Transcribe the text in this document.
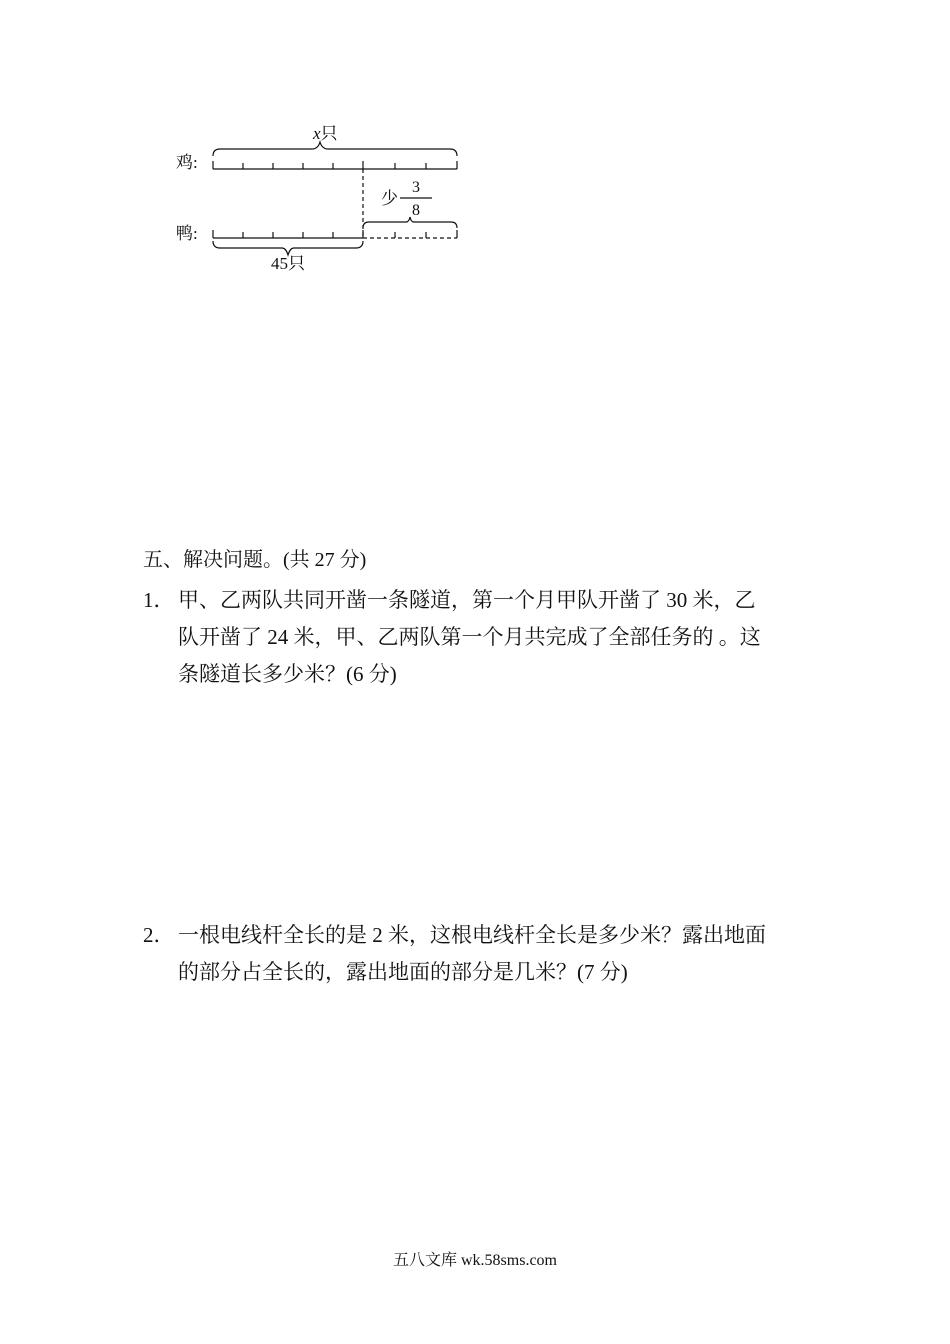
鸡:
鸭:
x只
少
3
8
45只
五、解决问题。(共 27 分)
1． 甲、乙两队共同开凿一条隧道，第一个月甲队开凿了 30 米，乙
队开凿了 24 米，甲、乙两队第一个月共完成了全部任务的 。这
条隧道长多少米？(6 分)
2． 一根电线杆全长的是 2 米，这根电线杆全长是多少米？露出地面
的部分占全长的，露出地面的部分是几米？(7 分)
五八文库 wk.58sms.com
